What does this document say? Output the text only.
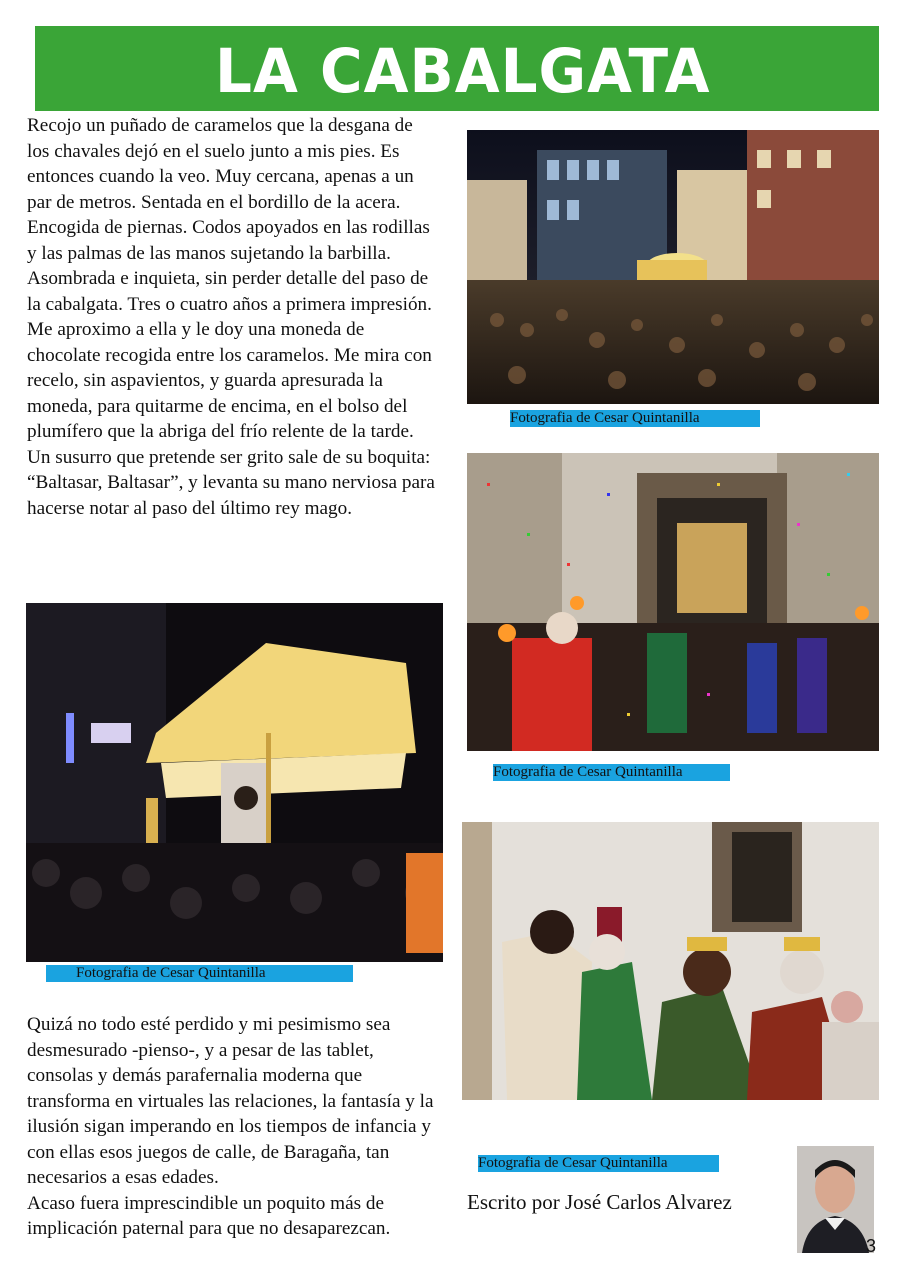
LA CABALGATA

Recojo un puñado de caramelos que la desgana de los chavales dejó en el suelo junto a mis pies. Es entonces cuando la veo. Muy cercana, apenas a un par de metros. Sentada en el bordillo de la acera. Encogida de piernas. Codos apoyados en las rodillas y las palmas de las manos sujetando la barbilla. Asombrada e inquieta, sin perder detalle del paso de la cabalgata. Tres o cuatro años a primera impresión. Me aproximo a ella y le doy una moneda de chocolate recogida entre los caramelos. Me mira con recelo, sin aspavientos, y guarda apresurada la moneda, para quitarme de encima, en el bolso del plumífero que la abriga del frío relente de la tarde. Un susurro que pretende ser grito sale de su boquita: “Baltasar, Baltasar”, y levanta su mano nerviosa para hacerse notar al paso del último rey mago.

Fotografia de Cesar Quintanilla
Fotografia de Cesar Quintanilla
Fotografia de Cesar Quintanilla

Quizá no todo esté perdido y mi pesimismo sea desmesurado -pienso-, y a pesar de las tablet, consolas y demás parafernalia moderna que transforma en virtuales las relaciones, la fantasía y la ilusión sigan imperando en los tiempos de infancia y con ellas esos juegos de calle, de Baragaña, tan necesarios a esas edades.

Acaso fuera imprescindible un poquito más de implicación paternal para que no desaparezcan.

Fotografia de Cesar Quintanilla
Escrito por José Carlos Alvarez
3
